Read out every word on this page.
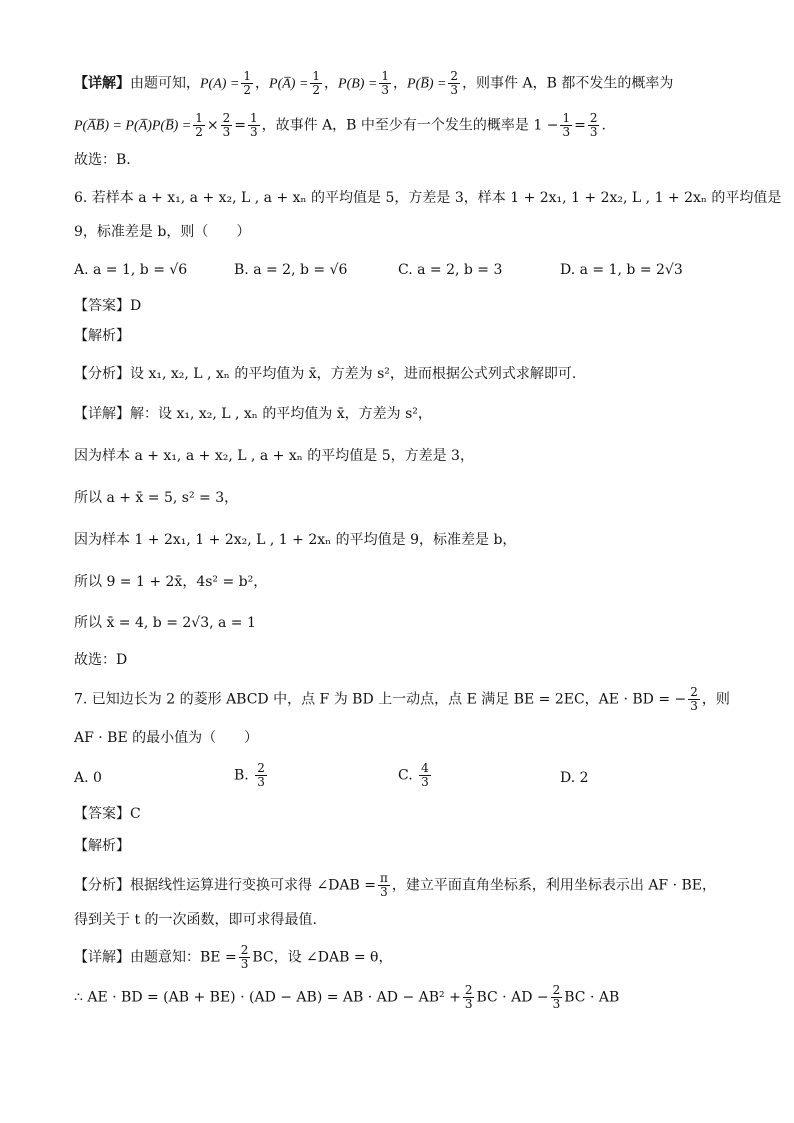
【详解】由题可知，$P(A) = \frac{1}{2}$ ，P(A̅) = $\frac{1}{2}$ ，$P(B) = \frac{1}{3}$ ，P(B̅) = $\frac{2}{3}$ ，则事件 A，B 都不发生的概率为
P(A̅B̅) = P(A̅)P(B̅) = $\frac{1}{2} \times \frac{2}{3} = \frac{1}{3}$ ，故事件 A，B 中至少有一个发生的概率是 $1 - \frac{1}{3} = \frac{2}{3}$ .
故选：B.
6. 若样本 a + x₁, a + x₂, L , a + xₙ 的平均值是 5，方差是 3，样本 1 + 2x₁, 1 + 2x₂, L , 1 + 2xₙ 的平均值是
9，标准差是 b，则（　　）
A. a = 1, b = √6	B. a = 2, b = √6	C. a = 2, b = 3	D. a = 1, b = 2√3
【答案】D
【解析】
【分析】设 x₁, x₂, L , xₙ 的平均值为 x̄，方差为 s²，进而根据公式列式求解即可.
【详解】解：设 x₁, x₂, L , xₙ 的平均值为 x̄，方差为 s²，
因为样本 a + x₁, a + x₂, L , a + xₙ 的平均值是 5，方差是 3，
所以 a + x̄ = 5, s² = 3，
因为样本 1 + 2x₁, 1 + 2x₂, L , 1 + 2xₙ 的平均值是 9，标准差是 b，
所以 9 = 1 + 2x̄，4s² = b²，
所以 x̄ = 4, b = 2√3, a = 1
故选：D
7. 已知边长为 2 的菱形 ABCD 中，点 F 为 BD 上一动点，点 E 满足 BE = 2EC，AE · BD = − $\frac{2}{3}$ ，则
AF · BE 的最小值为（　　）
A. 0	B. $\frac{2}{3}$	C. $\frac{4}{3}$	D. 2
【答案】C
【解析】
【分析】根据线性运算进行变换可求得 ∠DAB = $\frac{\pi}{3}$ ，建立平面直角坐标系，利用坐标表示出 AF · BE，
得到关于 t 的一次函数，即可求得最值.
【详解】由题意知：BE = $\frac{2}{3}$ BC，设 ∠DAB = θ，
∴ AE · BD = (AB + BE) · (AD − AB) = AB · AD − $AB^2 + \frac{2}{3}$ BC · AD − $\frac{2}{3}$ BC · AB
